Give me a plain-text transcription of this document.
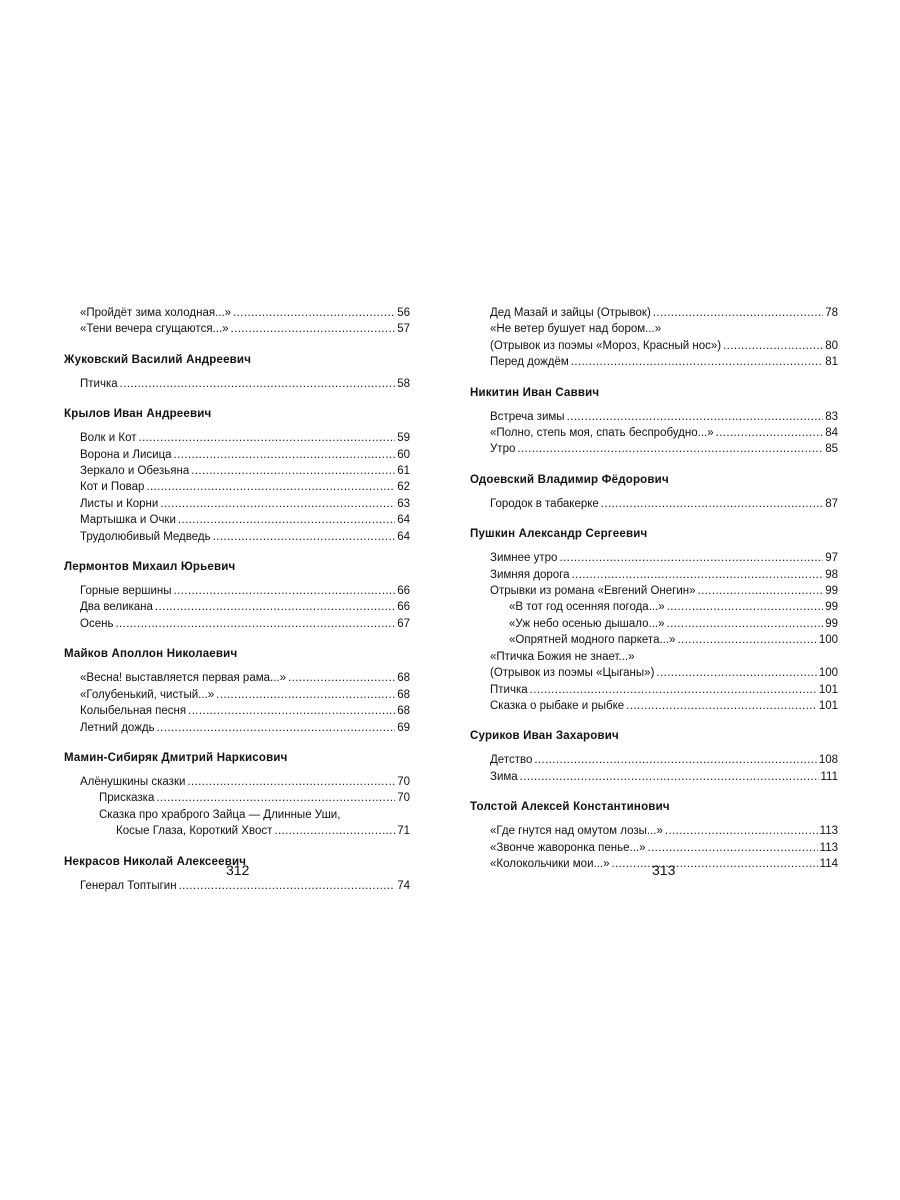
«Пройдёт зима холодная...» . . .	56
«Тени вечера сгущаются...» . . .	57
Жуковский Василий Андреевич
Птичка . . .	58
Крылов Иван Андреевич
Волк и Кот . . .	59
Ворона и Лисица . . .	60
Зеркало и Обезьяна . . .	61
Кот и Повар . . .	62
Листы и Корни . . .	63
Мартышка и Очки . . .	64
Трудолюбивый Медведь . . .	64
Лермонтов Михаил Юрьевич
Горные вершины . . .	66
Два великана . . .	66
Осень . . .	67
Майков Аполлон Николаевич
«Весна! выставляется первая рама...» . . .	68
«Голубенький, чистый...» . . .	68
Колыбельная песня . . .	68
Летний дождь . . .	69
Мамин-Сибиряк Дмитрий Наркисович
Алёнушкины сказки . . .	70
Присказка . . .	70
Сказка про храброго Зайца — Длинные Уши,
Косые Глаза, Короткий Хвост . . .	71
Некрасов Николай Алексеевич
Генерал Топтыгин . . .	74
Дед Мазай и зайцы (Отрывок) . . .	78
«Не ветер бушует над бором...»
(Отрывок из поэмы «Мороз, Красный нос») . . .	80
Перед дождём . . .	81
Никитин Иван Саввич
Встреча зимы . . .	83
«Полно, степь моя, спать беспробудно...» . . .	84
Утро . . .	85
Одоевский Владимир Фёдорович
Городок в табакерке . . .	87
Пушкин Александр Сергеевич
Зимнее утро . . .	97
Зимняя дорога . . .	98
Отрывки из романа «Евгений Онегин» . . .	99
«В тот год осенняя погода...» . . .	99
«Уж небо осенью дышало...» . . .	99
«Опрятней модного паркета...» . . .	100
«Птичка Божия не знает...»
(Отрывок из поэмы «Цыганы») . . .	100
Птичка . . .	101
Сказка о рыбаке и рыбке . . .	101
Суриков Иван Захарович
Детство . . .	108
Зима . . .	111
Толстой Алексей Константинович
«Где гнутся над омутом лозы...» . . .	113
«Звонче жаворонка пенье...» . . .	113
«Колокольчики мои...» . . .	114
312	313
